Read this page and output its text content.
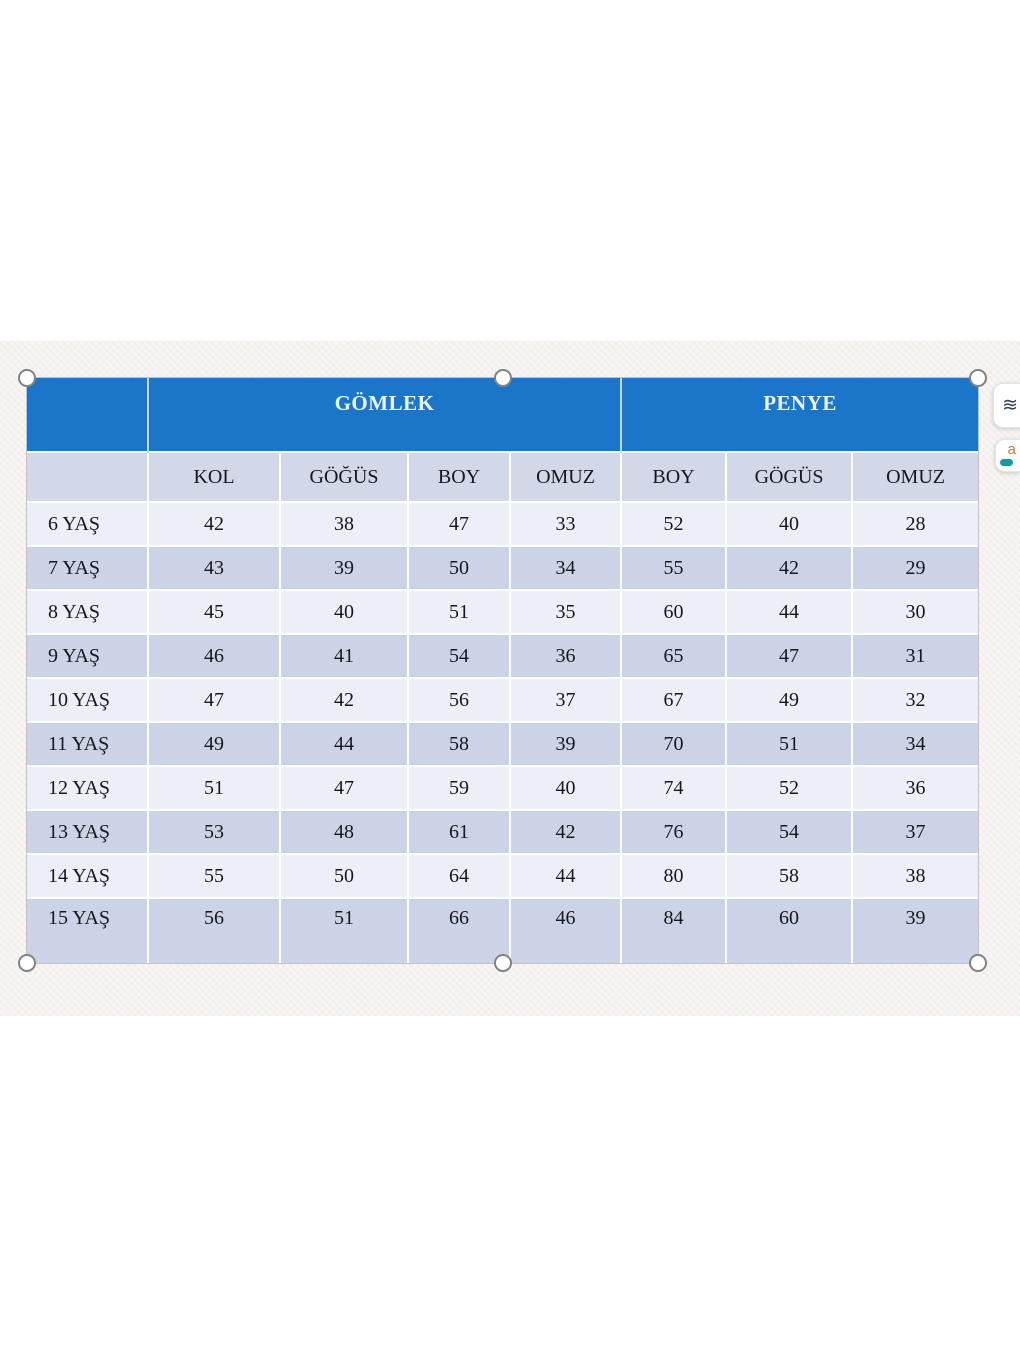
	GÖMLEK				PENYE		
	KOL	GÖĞÜS	BOY	OMUZ	BOY	GÖGÜS	OMUZ
6 YAŞ	42	38	47	33	52	40	28
7 YAŞ	43	39	50	34	55	42	29
8 YAŞ	45	40	51	35	60	44	30
9 YAŞ	46	41	54	36	65	47	31
10 YAŞ	47	42	56	37	67	49	32
11 YAŞ	49	44	58	39	70	51	34
12 YAŞ	51	47	59	40	74	52	36
13 YAŞ	53	48	61	42	76	54	37
14 YAŞ	55	50	64	44	80	58	38
15 YAŞ	56	51	66	46	84	60	39
≋
a
